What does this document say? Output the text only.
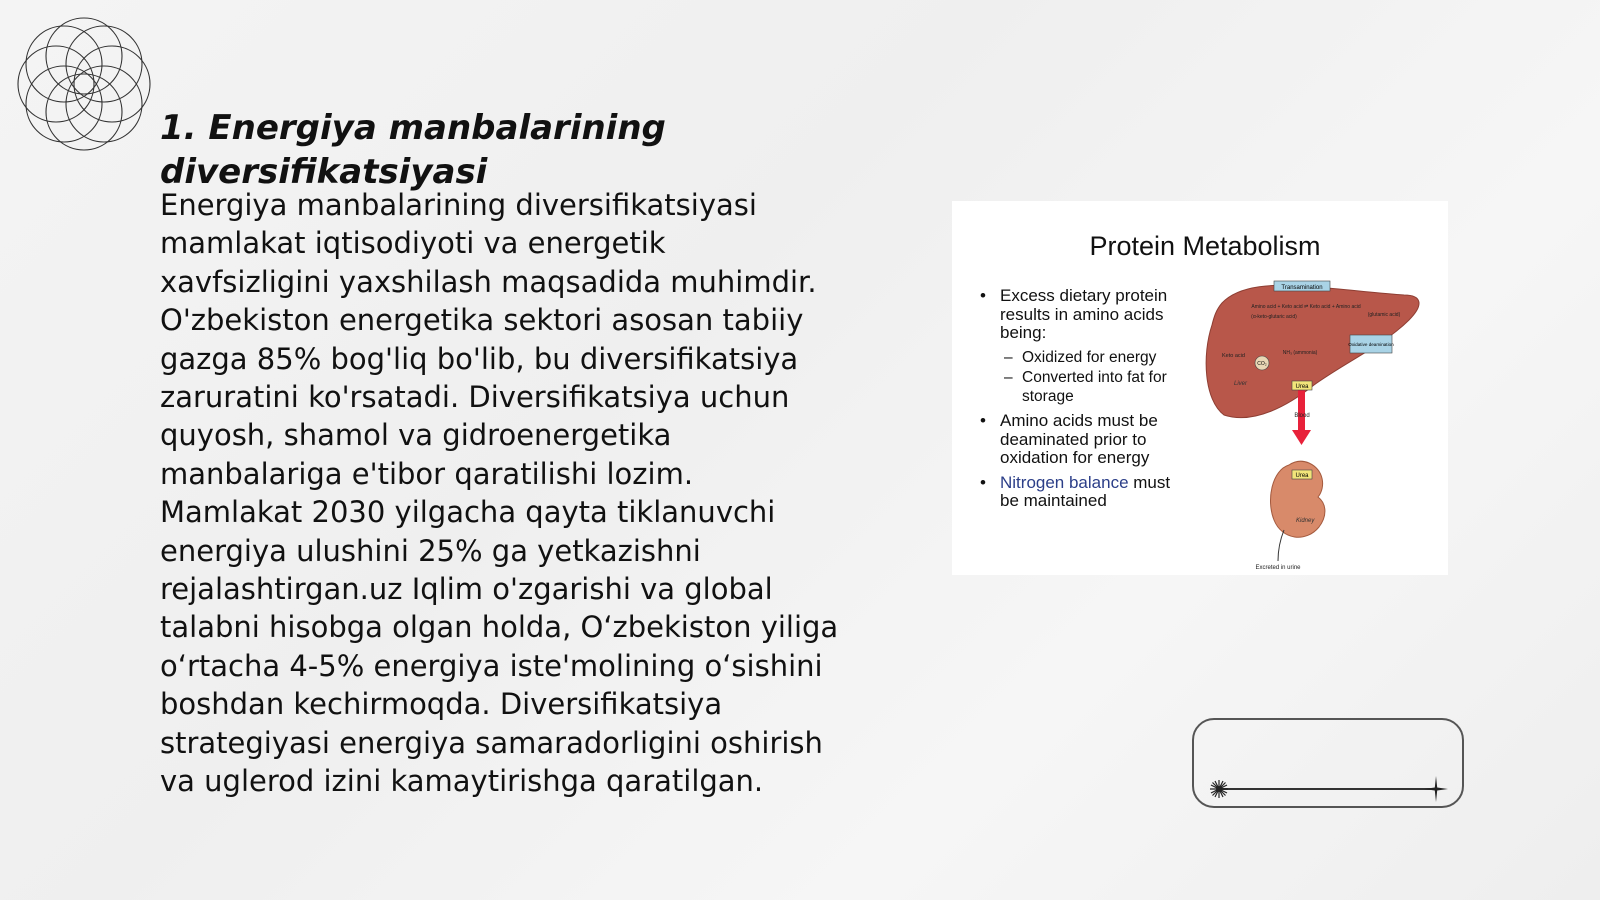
1. Energiya manbalarining diversifikatsiyasi

Energiya manbalarining diversifikatsiyasi mamlakat iqtisodiyoti va energetik xavfsizligini yaxshilash maqsadida muhimdir. O'zbekiston energetika sektori asosan tabiiy gazga 85% bog'liq bo'lib, bu diversifikatsiya zaruratini ko'rsatadi. Diversifikatsiya uchun quyosh, shamol va gidroenergetika manbalariga e'tibor qaratilishi lozim. Mamlakat 2030 yilgacha qayta tiklanuvchi energiya ulushini 25% ga yetkazishni rejalashtirgan.uz Iqlim o'zgarishi va global talabni hisobga olgan holda, O‘zbekiston yiliga o‘rtacha 4-5% energiya iste'molining o‘sishini boshdan kechirmoqda. Diversifikatsiya strategiyasi energiya samaradorligini oshirish va uglerod izini kamaytirishga qaratilgan.

Protein Metabolism
• Excess dietary protein results in amino acids being:
– Oxidized for energy
– Converted into fat for storage
• Amino acids must be deaminated prior to oxidation for energy
• Nitrogen balance must be maintained
Transamination
Amino acid + Keto acid ⇌ Keto acid + Amino acid
(α-keto-glutaric acid)	(glutamic acid)
Oxidative deamination
Keto acid
CO₂
NH₃ (ammonia)
Liver	Urea
Blood
Urea
Kidney
Excreted in urine
